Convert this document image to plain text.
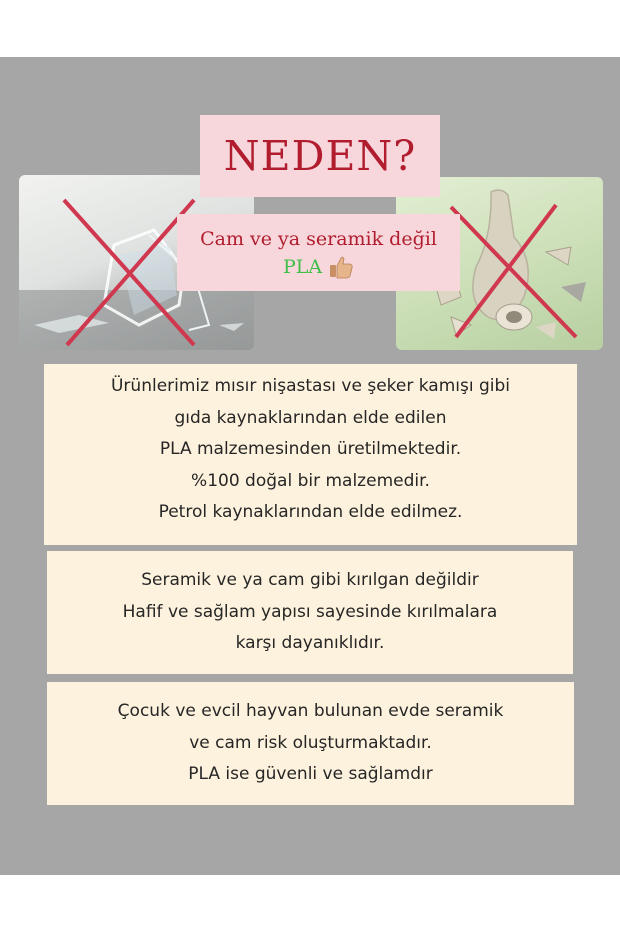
NEDEN?
Cam ve ya seramik değil
PLA
Ürünlerimiz mısır nişastası ve şeker kamışı gibi
gıda kaynaklarından elde edilen
PLA malzemesinden üretilmektedir.
%100 doğal bir malzemedir.
Petrol kaynaklarından elde edilmez.
Seramik ve ya cam gibi kırılgan değildir
Hafif ve sağlam yapısı sayesinde kırılmalara
karşı dayanıklıdır.
Çocuk ve evcil hayvan bulunan evde seramik
ve cam risk oluşturmaktadır.
PLA ise güvenli ve sağlamdır
